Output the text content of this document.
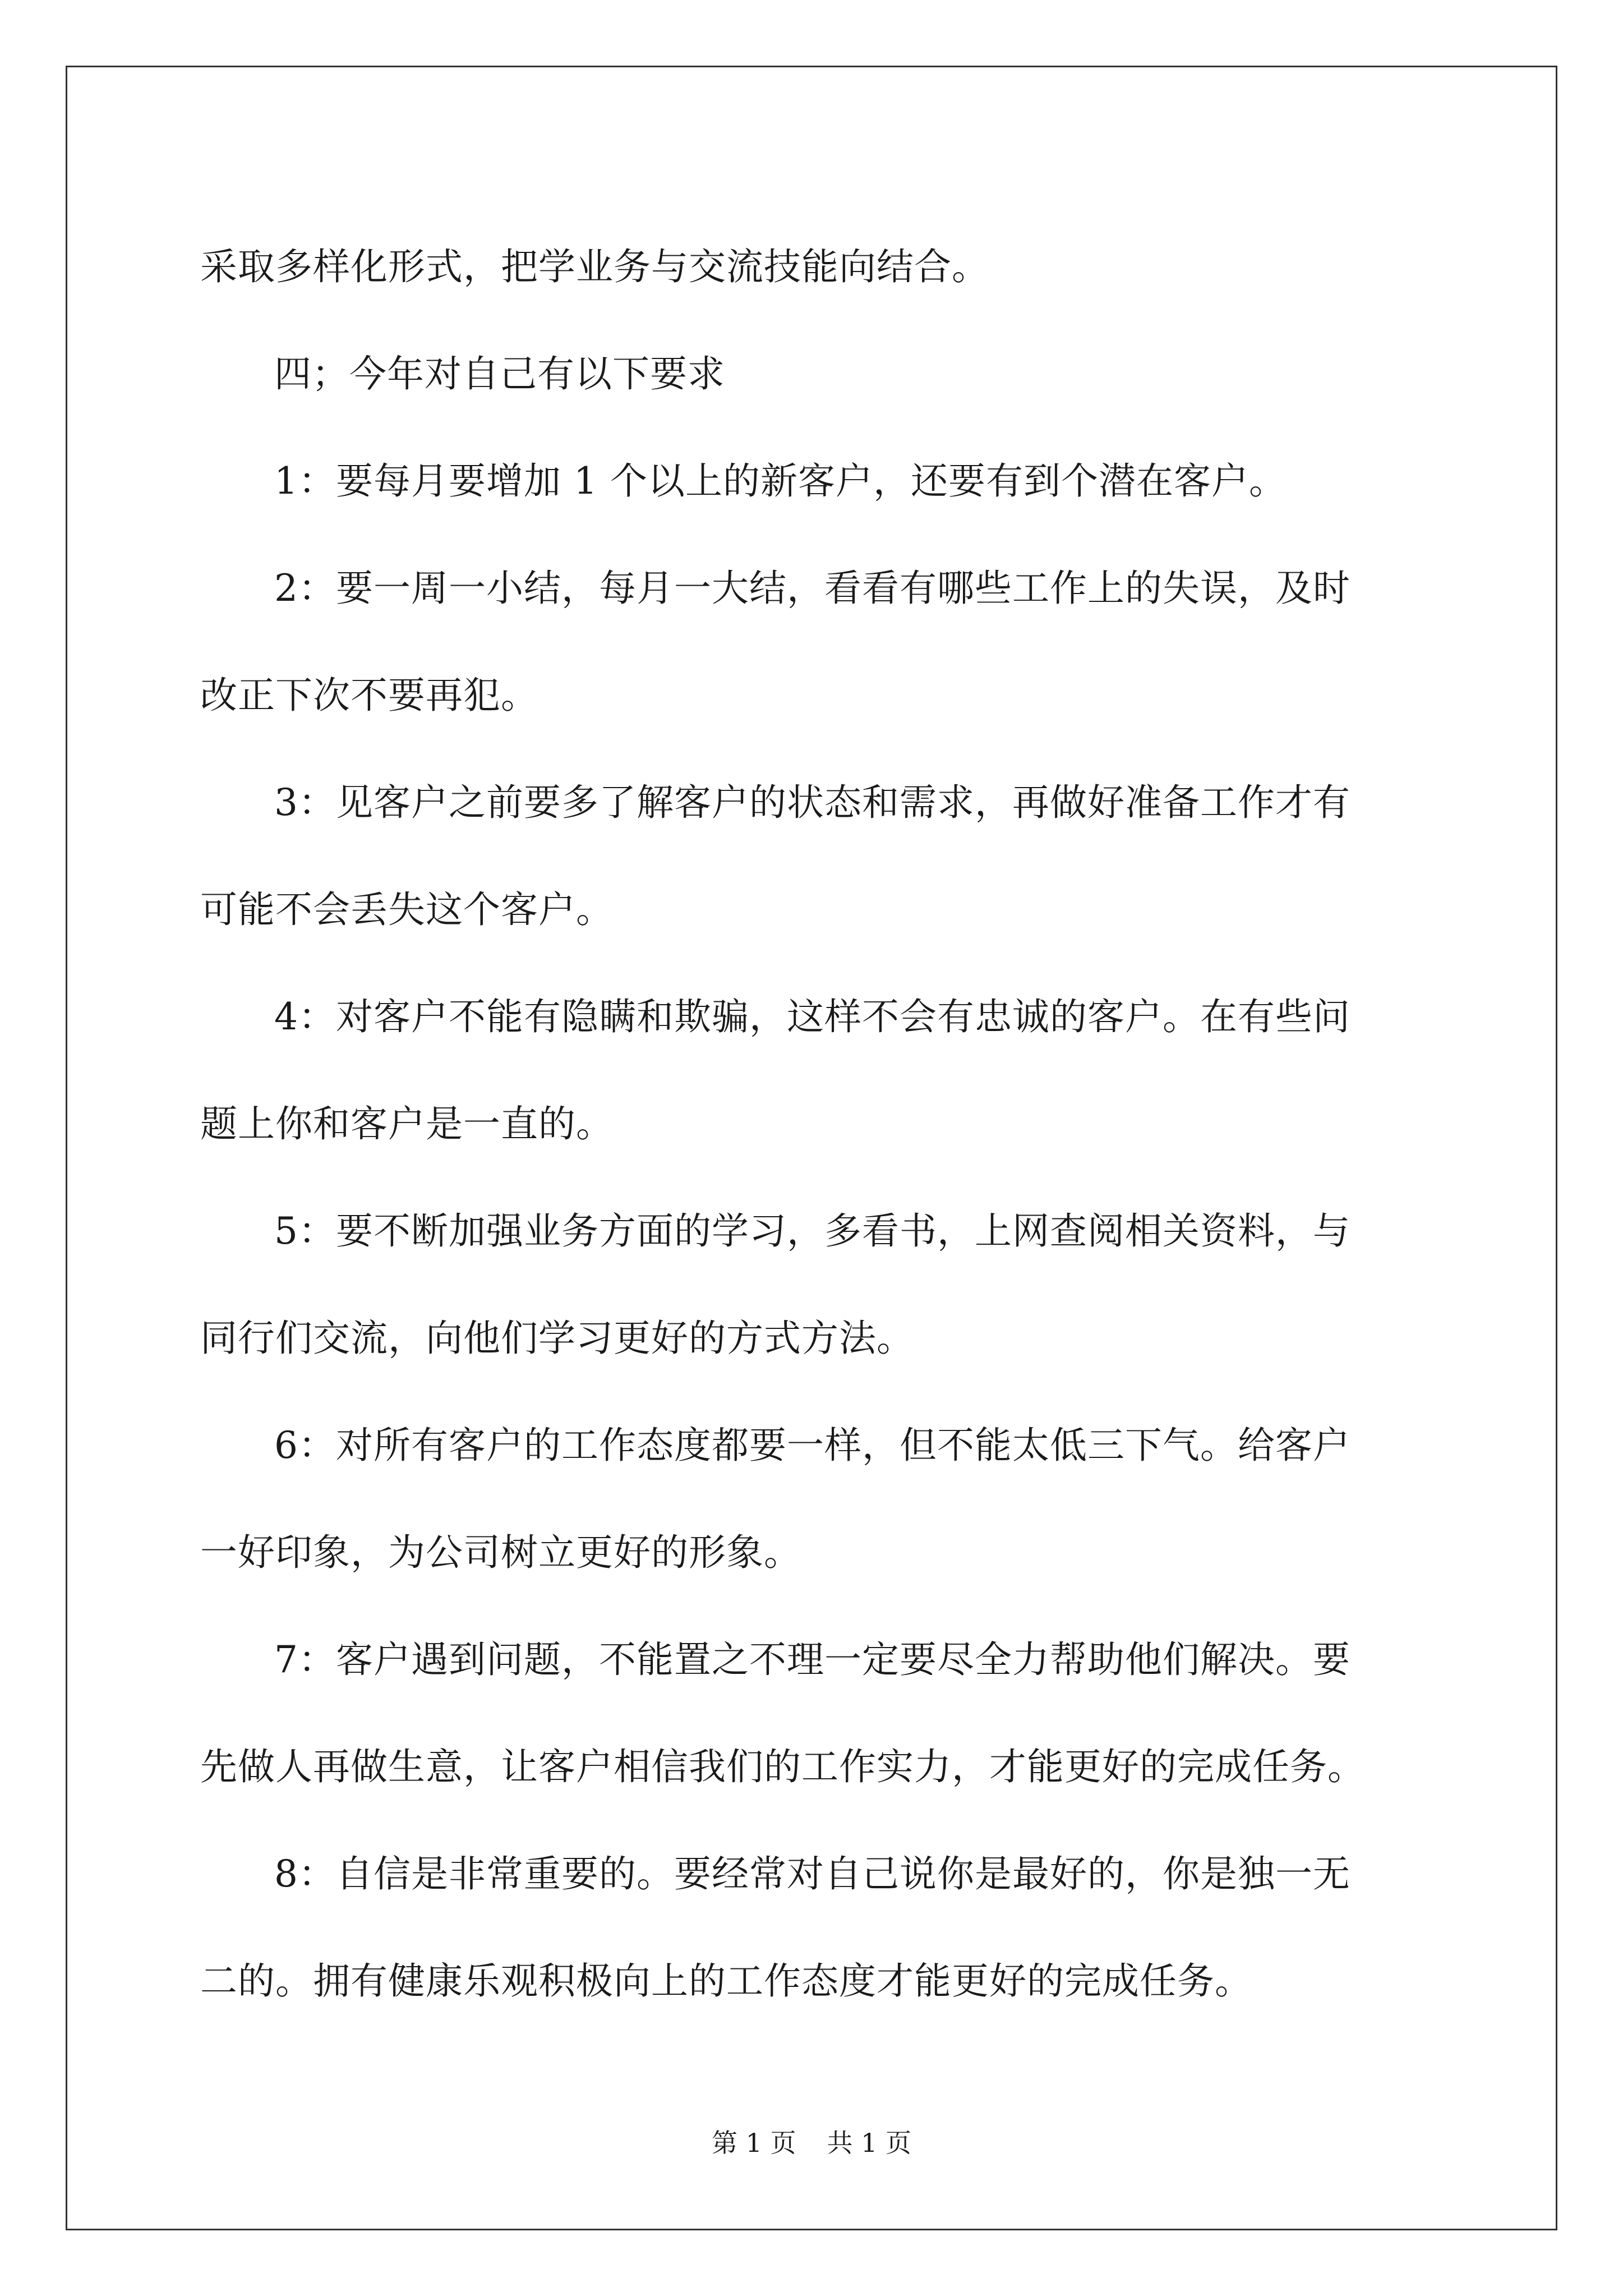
采取多样化形式，把学业务与交流技能向结合。

四；今年对自己有以下要求

1：要每月要增加 1 个以上的新客户，还要有到个潜在客户。

2：要一周一小结，每月一大结，看看有哪些工作上的失误，及时

改正下次不要再犯。

3：见客户之前要多了解客户的状态和需求，再做好准备工作才有

可能不会丢失这个客户。

4：对客户不能有隐瞒和欺骗，这样不会有忠诚的客户。在有些问

题上你和客户是一直的。

5：要不断加强业务方面的学习，多看书，上网查阅相关资料，与

同行们交流，向他们学习更好的方式方法。

6：对所有客户的工作态度都要一样，但不能太低三下气。给客户

一好印象，为公司树立更好的形象。

7：客户遇到问题，不能置之不理一定要尽全力帮助他们解决。要

先做人再做生意，让客户相信我们的工作实力，才能更好的完成任务。

8：自信是非常重要的。要经常对自己说你是最好的，你是独一无

二的。拥有健康乐观积极向上的工作态度才能更好的完成任务。

第 1 页 共 1 页
